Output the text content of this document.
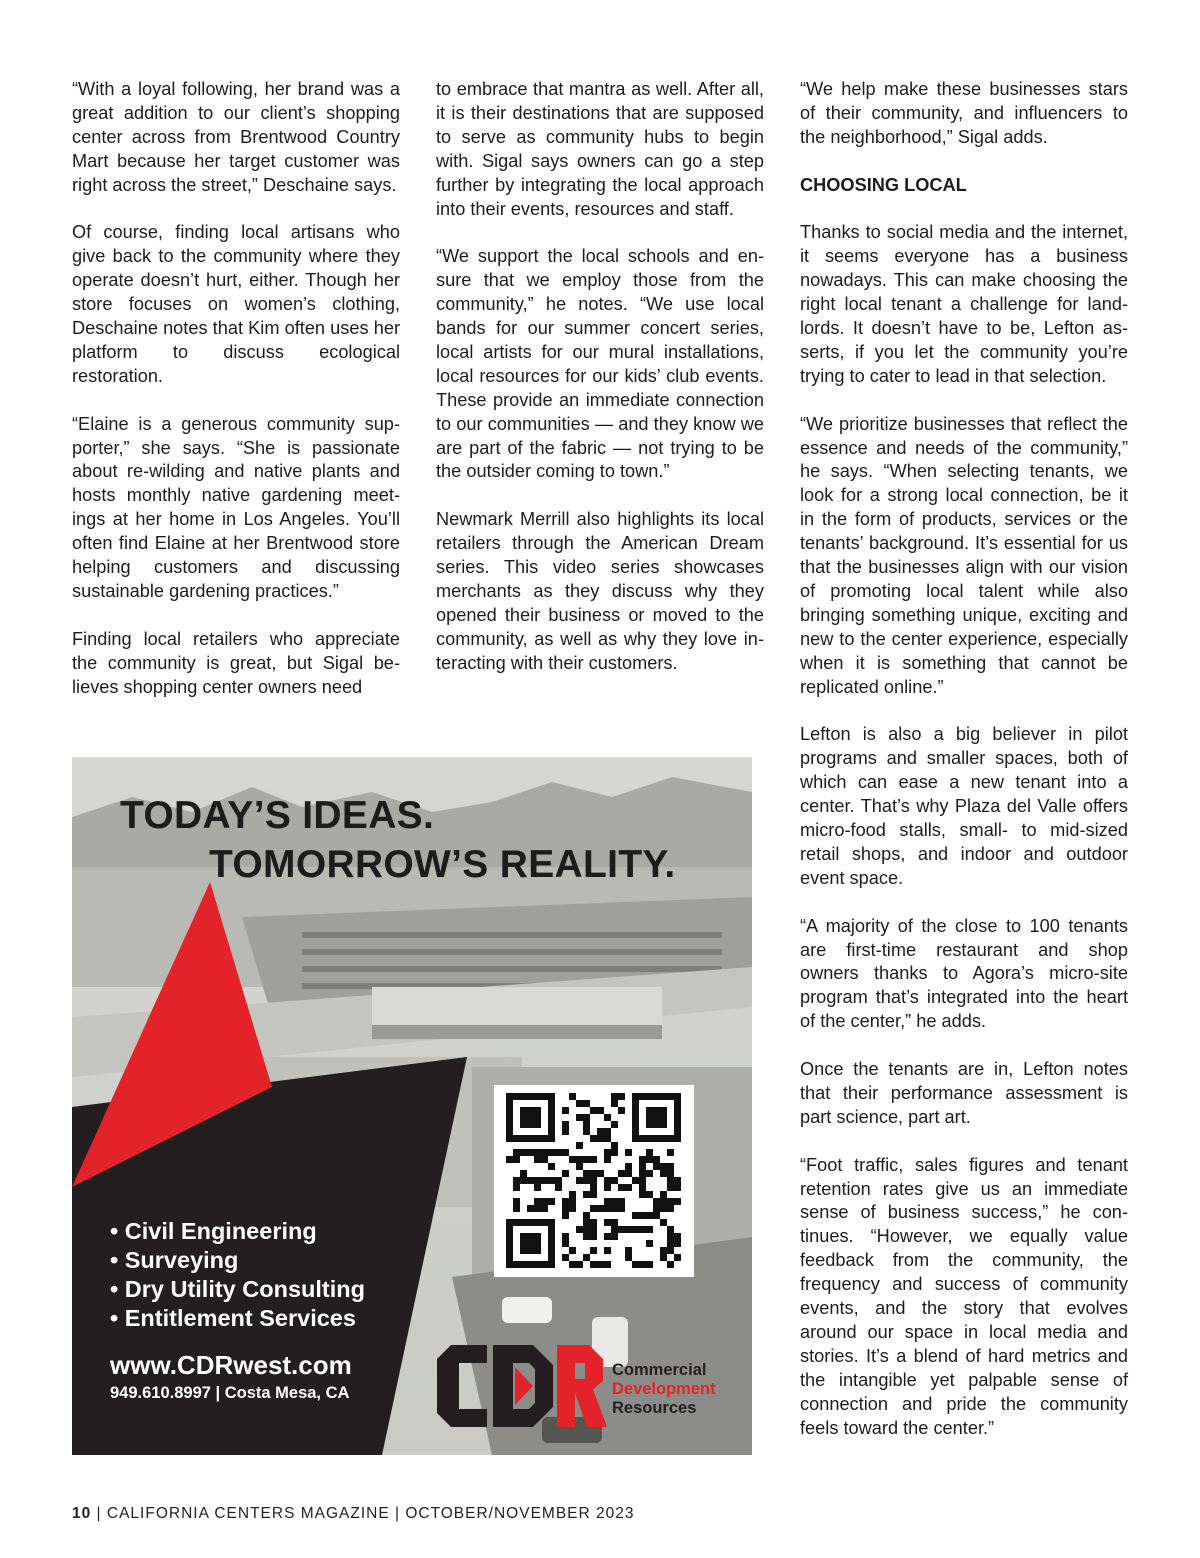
“With a loyal following, her brand was a great addition to our client’s shopping center across from Brentwood Country Mart because her target customer was right across the street,” Deschaine says.

Of course, finding local artisans who give back to the community where they operate doesn’t hurt, either. Though her store focuses on women’s clothing, Deschaine notes that Kim often uses her platform to discuss ecological restoration.

“Elaine is a generous community supporter,” she says. “She is passionate about re-wilding and native plants and hosts monthly native gardening meetings at her home in Los Angeles. You’ll often find Elaine at her Brentwood store helping customers and discussing sustainable gardening practices.”

Finding local retailers who appreciate the community is great, but Sigal believes shopping center owners need

to embrace that mantra as well. After all, it is their destinations that are supposed to serve as community hubs to begin with. Sigal says owners can go a step further by integrating the local approach into their events, resources and staff.

“We support the local schools and ensure that we employ those from the community,” he notes. “We use local bands for our summer concert series, local artists for our mural installations, local resources for our kids’ club events. These provide an immediate connection to our communities — and they know we are part of the fabric — not trying to be the outsider coming to town.”

Newmark Merrill also highlights its local retailers through the American Dream series. This video series showcases merchants as they discuss why they opened their business or moved to the community, as well as why they love interacting with their customers.

“We help make these businesses stars of their community, and influencers to the neighborhood,” Sigal adds.

CHOOSING LOCAL

Thanks to social media and the internet, it seems everyone has a business nowadays. This can make choosing the right local tenant a challenge for landlords. It doesn’t have to be, Lefton asserts, if you let the community you’re trying to cater to lead in that selection.

“We prioritize businesses that reflect the essence and needs of the community,” he says. “When selecting tenants, we look for a strong local connection, be it in the form of products, services or the tenants’ background. It’s essential for us that the businesses align with our vision of promoting local talent while also bringing something unique, exciting and new to the center experience, especially when it is something that cannot be replicated online.”

Lefton is also a big believer in pilot programs and smaller spaces, both of which can ease a new tenant into a center. That’s why Plaza del Valle offers micro-food stalls, small- to mid-sized retail shops, and indoor and outdoor event space.

“A majority of the close to 100 tenants are first-time restaurant and shop owners thanks to Agora’s micro-site program that’s integrated into the heart of the center,” he adds.

Once the tenants are in, Lefton notes that their performance assessment is part science, part art.

“Foot traffic, sales figures and tenant retention rates give us an immediate sense of business success,” he continues. “However, we equally value feedback from the community, the frequency and success of community events, and the story that evolves around our space in local media and stories. It’s a blend of hard metrics and the intangible yet palpable sense of connection and pride the community feels toward the center.”

TODAY’S IDEAS.
TOMORROW’S REALITY.
• Civil Engineering
• Surveying
• Dry Utility Consulting
• Entitlement Services
www.CDRwest.com
949.610.8997 | Costa Mesa, CA
Commercial
Development
Resources
10 | CALIFORNIA CENTERS MAGAZINE | OCTOBER/NOVEMBER 2023
